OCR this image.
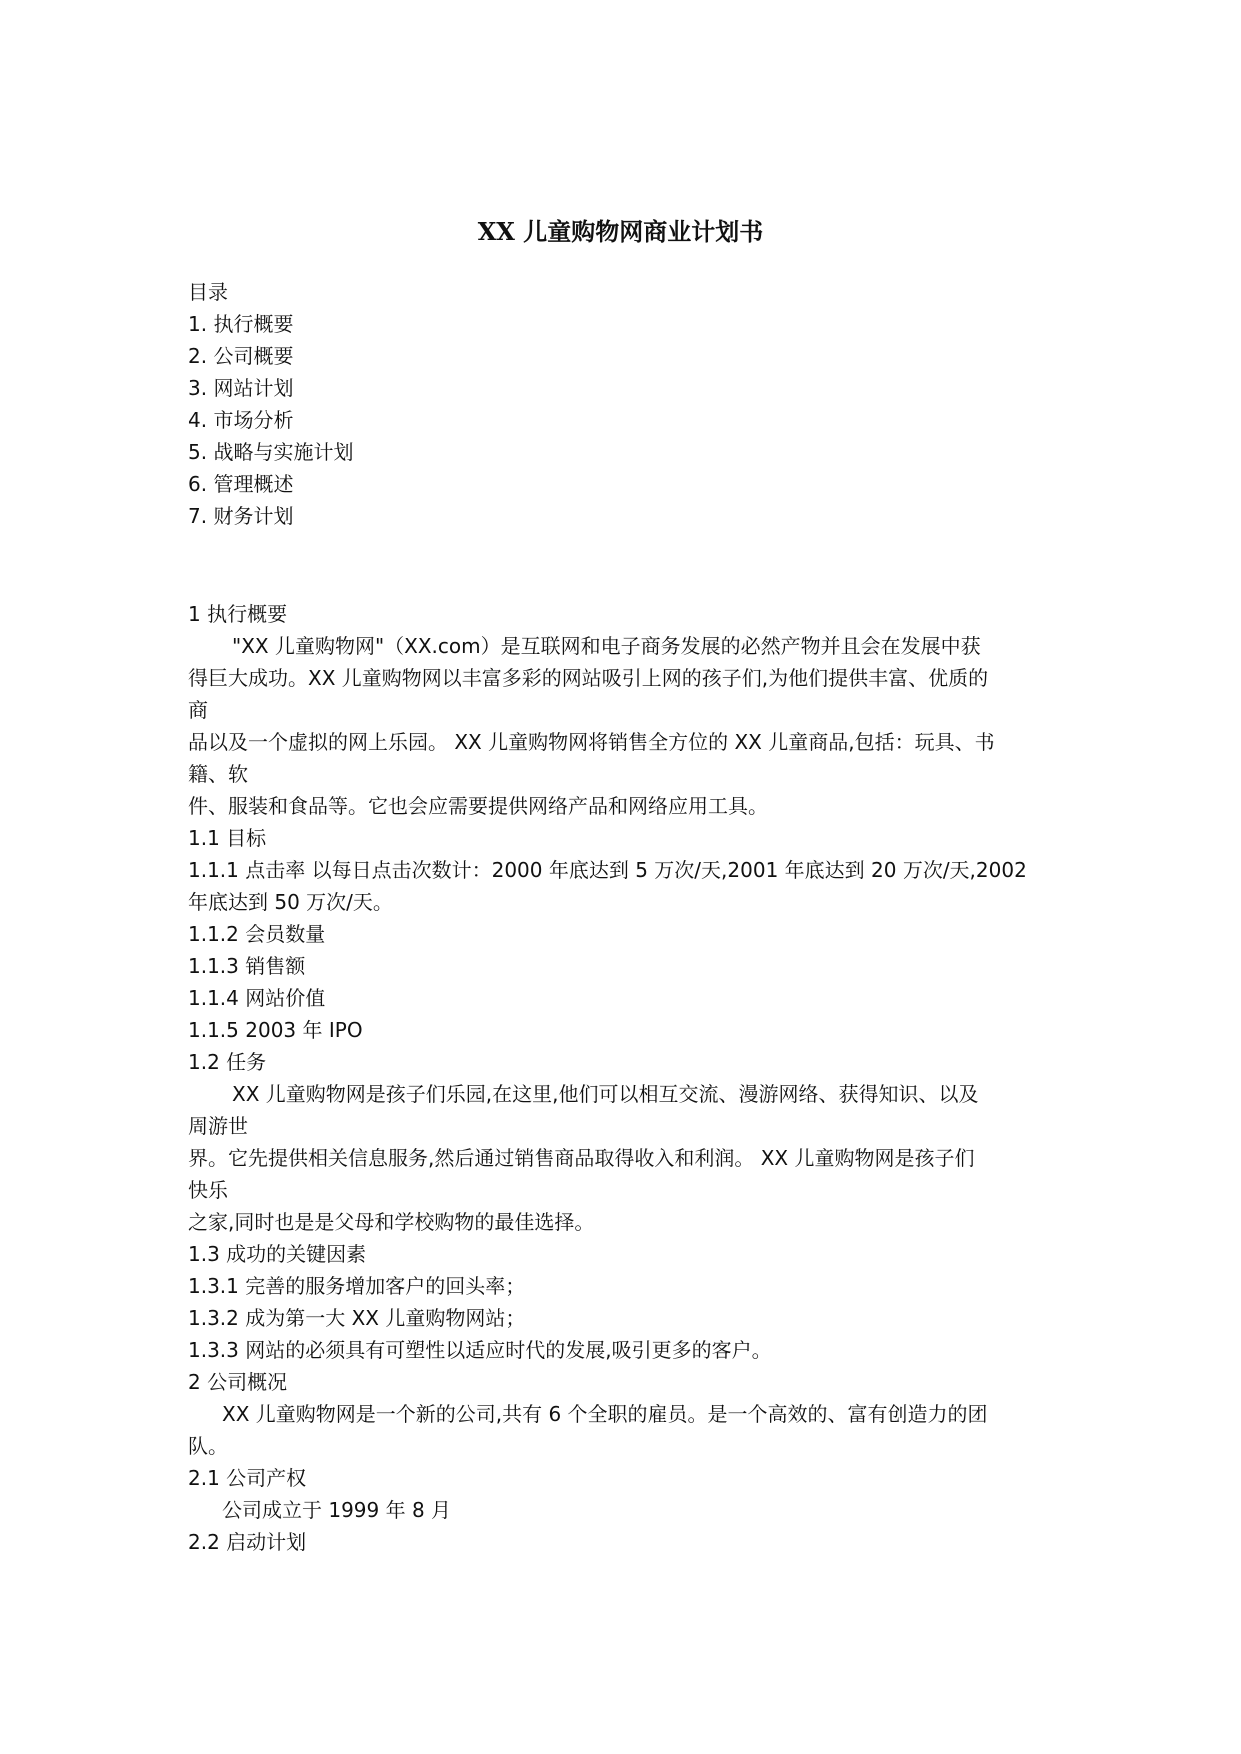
XX 儿童购物网商业计划书
目录
1. 执行概要
2. 公司概要
3. 网站计划
4. 市场分析
5. 战略与实施计划
6. 管理概述
7. 财务计划
1 执行概要
"XX 儿童购物网"（XX.com）是互联网和电子商务发展的必然产物并且会在发展中获
得巨大成功。XX 儿童购物网以丰富多彩的网站吸引上网的孩子们,为他们提供丰富、优质的
商
品以及一个虚拟的网上乐园。 XX 儿童购物网将销售全方位的 XX 儿童商品,包括：玩具、书
籍、软
件、服装和食品等。它也会应需要提供网络产品和网络应用工具。
1.1 目标
1.1.1 点击率 以每日点击次数计：2000 年底达到 5 万次/天,2001 年底达到 20 万次/天,2002
年底达到 50 万次/天。
1.1.2 会员数量
1.1.3 销售额
1.1.4 网站价值
1.1.5 2003 年 IPO
1.2 任务
XX 儿童购物网是孩子们乐园,在这里,他们可以相互交流、漫游网络、获得知识、以及
周游世
界。它先提供相关信息服务,然后通过销售商品取得收入和利润。 XX 儿童购物网是孩子们
快乐
之家,同时也是是父母和学校购物的最佳选择。
1.3 成功的关键因素
1.3.1 完善的服务增加客户的回头率；
1.3.2 成为第一大 XX 儿童购物网站；
1.3.3 网站的必须具有可塑性以适应时代的发展,吸引更多的客户。
2 公司概况
XX 儿童购物网是一个新的公司,共有 6 个全职的雇员。是一个高效的、富有创造力的团
队。
2.1 公司产权
公司成立于 1999 年 8 月
2.2 启动计划
